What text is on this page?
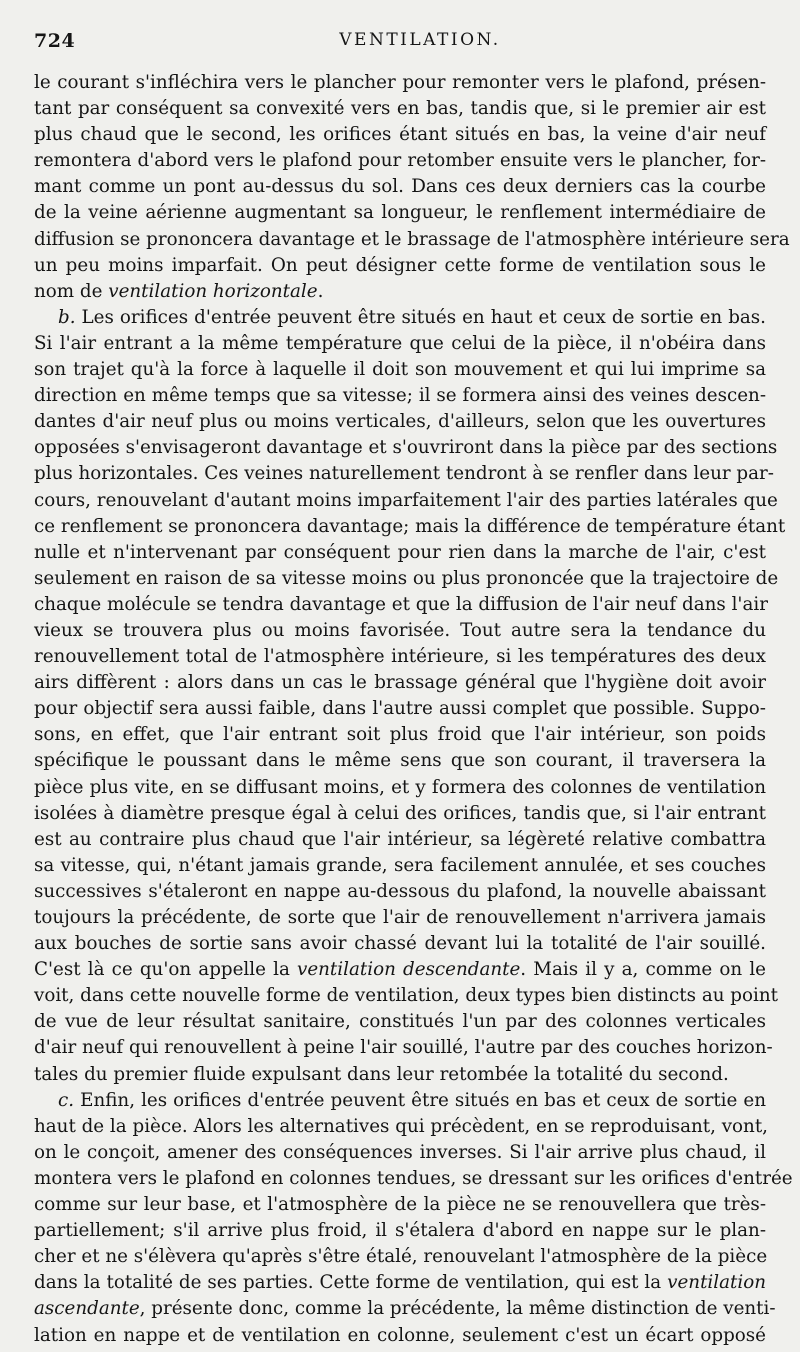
724	VENTILATION.
le courant s'infléchira vers le plancher pour remonter vers le plafond, présen-
tant par conséquent sa convexité vers en bas, tandis que, si le premier air est
plus chaud que le second, les orifices étant situés en bas, la veine d'air neuf
remontera d'abord vers le plafond pour retomber ensuite vers le plancher, for-
mant comme un pont au-dessus du sol. Dans ces deux derniers cas la courbe
de la veine aérienne augmentant sa longueur, le renflement intermédiaire de
diffusion se prononcera davantage et le brassage de l'atmosphère intérieure sera
un peu moins imparfait. On peut désigner cette forme de ventilation sous le
nom de ventilation horizontale.
b. Les orifices d'entrée peuvent être situés en haut et ceux de sortie en bas.
Si l'air entrant a la même température que celui de la pièce, il n'obéira dans
son trajet qu'à la force à laquelle il doit son mouvement et qui lui imprime sa
direction en même temps que sa vitesse; il se formera ainsi des veines descen-
dantes d'air neuf plus ou moins verticales, d'ailleurs, selon que les ouvertures
opposées s'envisageront davantage et s'ouvriront dans la pièce par des sections
plus horizontales. Ces veines naturellement tendront à se renfler dans leur par-
cours, renouvelant d'autant moins imparfaitement l'air des parties latérales que
ce renflement se prononcera davantage; mais la différence de température étant
nulle et n'intervenant par conséquent pour rien dans la marche de l'air, c'est
seulement en raison de sa vitesse moins ou plus prononcée que la trajectoire de
chaque molécule se tendra davantage et que la diffusion de l'air neuf dans l'air
vieux se trouvera plus ou moins favorisée. Tout autre sera la tendance du
renouvellement total de l'atmosphère intérieure, si les températures des deux
airs diffèrent : alors dans un cas le brassage général que l'hygiène doit avoir
pour objectif sera aussi faible, dans l'autre aussi complet que possible. Suppo-
sons, en effet, que l'air entrant soit plus froid que l'air intérieur, son poids
spécifique le poussant dans le même sens que son courant, il traversera la
pièce plus vite, en se diffusant moins, et y formera des colonnes de ventilation
isolées à diamètre presque égal à celui des orifices, tandis que, si l'air entrant
est au contraire plus chaud que l'air intérieur, sa légèreté relative combattra
sa vitesse, qui, n'étant jamais grande, sera facilement annulée, et ses couches
successives s'étaleront en nappe au-dessous du plafond, la nouvelle abaissant
toujours la précédente, de sorte que l'air de renouvellement n'arrivera jamais
aux bouches de sortie sans avoir chassé devant lui la totalité de l'air souillé.
C'est là ce qu'on appelle la ventilation descendante. Mais il y a, comme on le
voit, dans cette nouvelle forme de ventilation, deux types bien distincts au point
de vue de leur résultat sanitaire, constitués l'un par des colonnes verticales
d'air neuf qui renouvellent à peine l'air souillé, l'autre par des couches horizon-
tales du premier fluide expulsant dans leur retombée la totalité du second.
c. Enfin, les orifices d'entrée peuvent être situés en bas et ceux de sortie en
haut de la pièce. Alors les alternatives qui précèdent, en se reproduisant, vont,
on le conçoit, amener des conséquences inverses. Si l'air arrive plus chaud, il
montera vers le plafond en colonnes tendues, se dressant sur les orifices d'entrée
comme sur leur base, et l'atmosphère de la pièce ne se renouvellera que très-
partiellement; s'il arrive plus froid, il s'étalera d'abord en nappe sur le plan-
cher et ne s'élèvera qu'après s'être étalé, renouvelant l'atmosphère de la pièce
dans la totalité de ses parties. Cette forme de ventilation, qui est la ventilation
ascendante, présente donc, comme la précédente, la même distinction de venti-
lation en nappe et de ventilation en colonne, seulement c'est un écart opposé
